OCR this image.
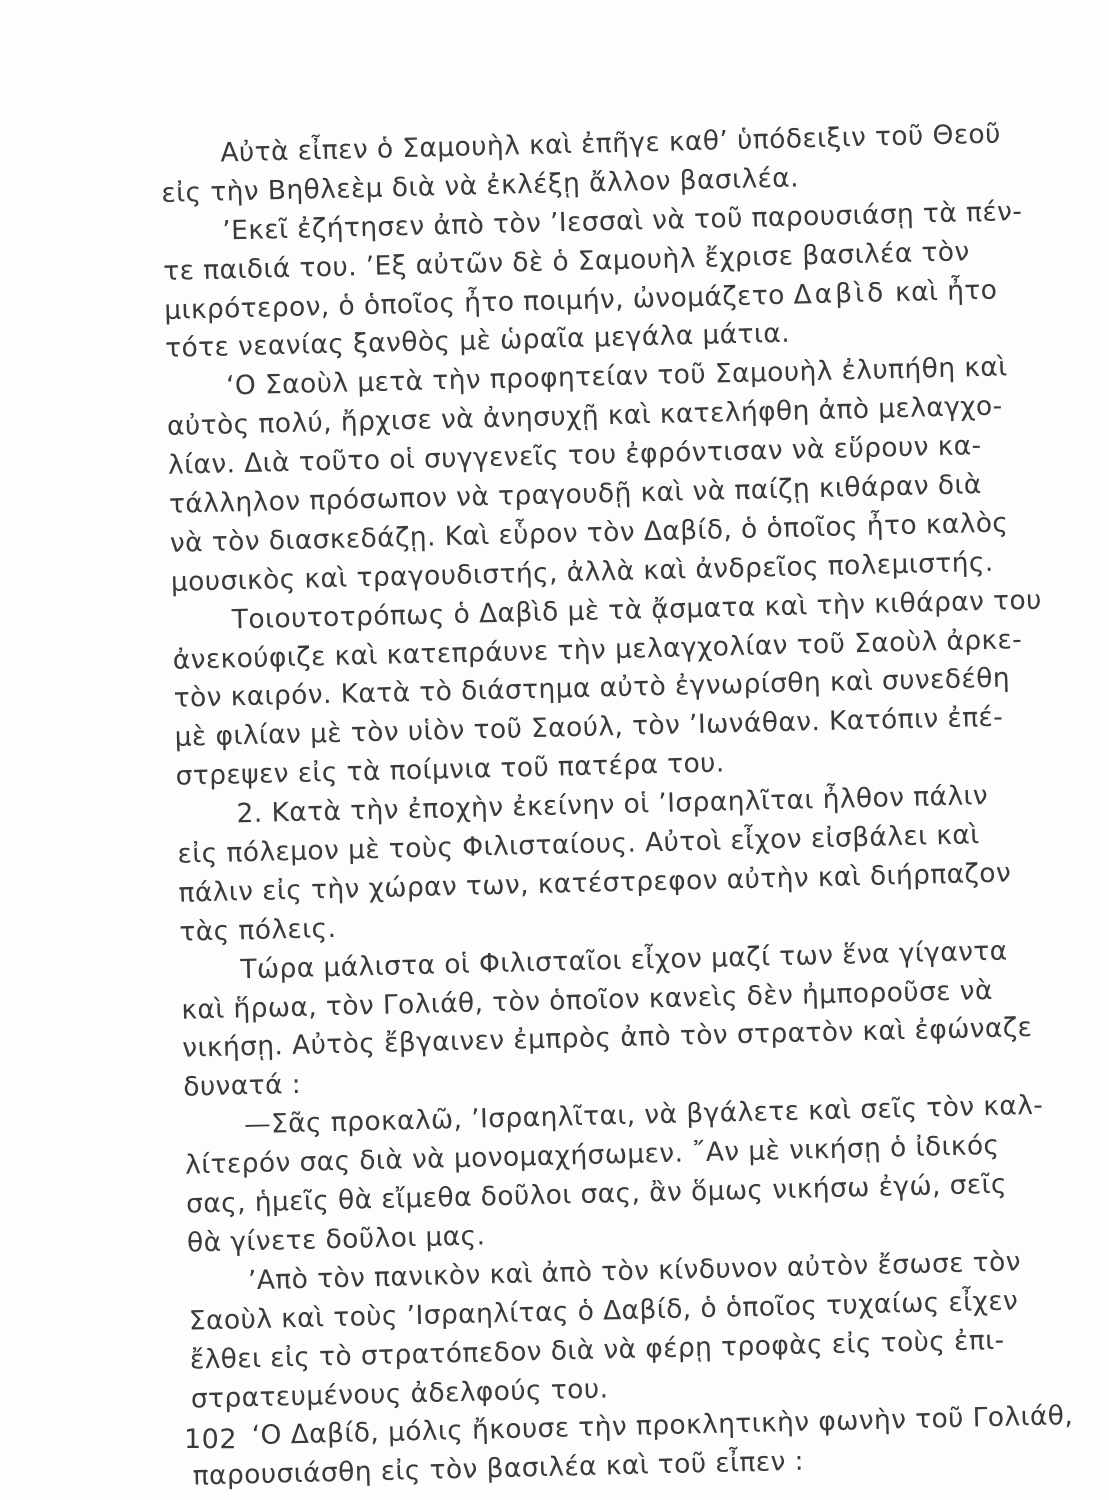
Αὐτὰ εἶπεν ὁ Σαμουὴλ καὶ ἐπῆγε καθ’ ὑπόδειξιν τοῦ Θεοῦ
εἰς τὴν Βηθλεὲμ διὰ νὰ ἐκλέξῃ ἄλλον βασιλέα.
’Εκεῖ ἐζήτησεν ἀπὸ τὸν ’Ιεσσαὶ νὰ τοῦ παρουσιάσῃ τὰ πέν-
τε παιδιά του. ’Εξ αὐτῶν δὲ ὁ Σαμουὴλ ἔχρισε βασιλέα τὸν
μικρότερον, ὁ ὁποῖος ἦτο ποιμήν, ὠνομάζετο Δαβὶδ καὶ ἦτο
τότε νεανίας ξανθὸς μὲ ὡραῖα μεγάλα μάτια.
‘Ο Σαοὺλ μετὰ τὴν προφητείαν τοῦ Σαμουὴλ ἐλυπήθη καὶ
αὐτὸς πολύ, ἤρχισε νὰ ἀνησυχῇ καὶ κατελήφθη ἀπὸ μελαγχο-
λίαν. Διὰ τοῦτο οἱ συγγενεῖς του ἐφρόντισαν νὰ εὕρουν κα-
τάλληλον πρόσωπον νὰ τραγουδῇ καὶ νὰ παίζῃ κιθάραν διὰ
νὰ τὸν διασκεδάζῃ. Καὶ εὗρον τὸν Δαβίδ, ὁ ὁποῖος ἦτο καλὸς
μουσικὸς καὶ τραγουδιστής, ἀλλὰ καὶ ἀνδρεῖος πολεμιστής.
Τοιουτοτρόπως ὁ Δαβὶδ μὲ τὰ ᾄσματα καὶ τὴν κιθάραν του
ἀνεκούφιζε καὶ κατεπράυνε τὴν μελαγχολίαν τοῦ Σαοὺλ ἀρκε-
τὸν καιρόν. Κατὰ τὸ διάστημα αὐτὸ ἐγνωρίσθη καὶ συνεδέθη
μὲ φιλίαν μὲ τὸν υἱὸν τοῦ Σαούλ, τὸν ’Ιωνάθαν. Κατόπιν ἐπέ-
στρεψεν εἰς τὰ ποίμνια τοῦ πατέρα του.
2. Κατὰ τὴν ἐποχὴν ἐκείνην οἱ ’Ισραηλῖται ἦλθον πάλιν
εἰς πόλεμον μὲ τοὺς Φιλισταίους. Αὐτοὶ εἶχον εἰσβάλει καὶ
πάλιν εἰς τὴν χώραν των, κατέστρεφον αὐτὴν καὶ διήρπαζον
τὰς πόλεις.
Τώρα μάλιστα οἱ Φιλισταῖοι εἶχον μαζί των ἕνα γίγαντα
καὶ ἥρωα, τὸν Γολιάθ, τὸν ὁποῖον κανεὶς δὲν ἠμποροῦσε νὰ
νικήσῃ. Αὐτὸς ἔβγαινεν ἐμπρὸς ἀπὸ τὸν στρατὸν καὶ ἐφώναζε
δυνατά :
—Σᾶς προκαλῶ, ’Ισραηλῖται, νὰ βγάλετε καὶ σεῖς τὸν καλ-
λίτερόν σας διὰ νὰ μονομαχήσωμεν. ῎Αν μὲ νικήσῃ ὁ ἰδικός
σας, ἡμεῖς θὰ εἴμεθα δοῦλοι σας, ἂν ὅμως νικήσω ἐγώ, σεῖς
θὰ γίνετε δοῦλοι μας.
’Απὸ τὸν πανικὸν καὶ ἀπὸ τὸν κίνδυνον αὐτὸν ἔσωσε τὸν
Σαοὺλ καὶ τοὺς ’Ισραηλίτας ὁ Δαβίδ, ὁ ὁποῖος τυχαίως εἶχεν
ἔλθει εἰς τὸ στρατόπεδον διὰ νὰ φέρῃ τροφὰς εἰς τοὺς ἐπι-
στρατευμένους ἀδελφούς του.
‘Ο Δαβίδ, μόλις ἤκουσε τὴν προκλητικὴν φωνὴν τοῦ Γολιάθ,
παρουσιάσθη εἰς τὸν βασιλέα καὶ τοῦ εἶπεν :
102
